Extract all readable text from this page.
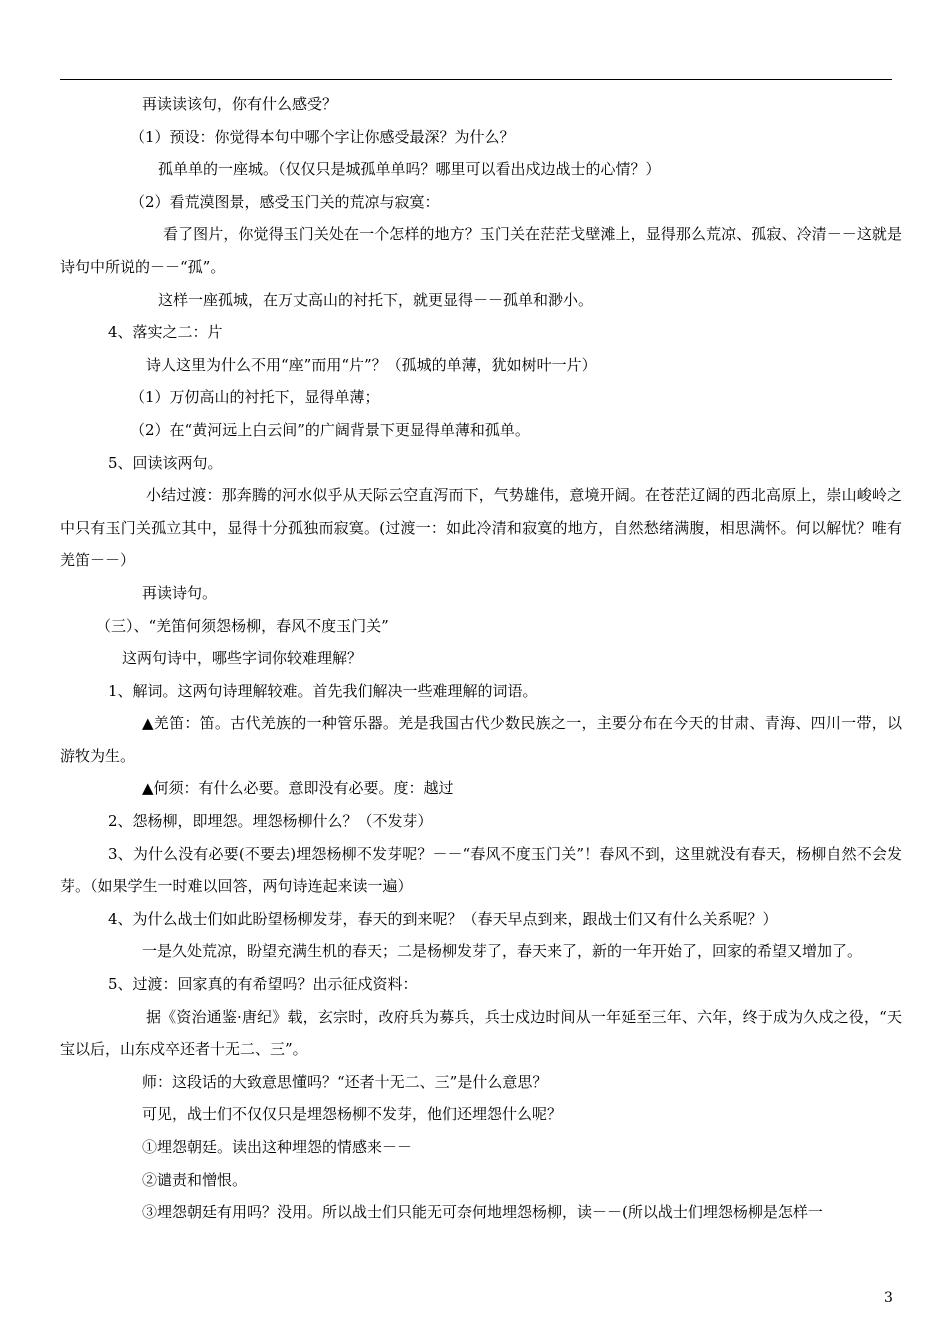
再读读该句，你有什么感受？

（1）预设：你觉得本句中哪个字让你感受最深？为什么？

孤单单的一座城。（仅仅只是城孤单单吗？哪里可以看出戍边战士的心情？）

（2）看荒漠图景，感受玉门关的荒凉与寂寞：

看了图片，你觉得玉门关处在一个怎样的地方？玉门关在茫茫戈壁滩上，显得那么荒凉、孤寂、冷清－－这就是诗句中所说的－－“孤”。

这样一座孤城，在万丈高山的衬托下，就更显得－－孤单和渺小。

4、落实之二：片

诗人这里为什么不用“座”而用“片”？（孤城的单薄，犹如树叶一片）

（1）万仞高山的衬托下，显得单薄；

（2）在“黄河远上白云间”的广阔背景下更显得单薄和孤单。

5、回读该两句。

小结过渡：那奔腾的河水似乎从天际云空直泻而下，气势雄伟，意境开阔。在苍茫辽阔的西北高原上，崇山峻岭之中只有玉门关孤立其中，显得十分孤独而寂寞。(过渡一：如此冷清和寂寞的地方，自然愁绪满腹，相思满怀。何以解忧？唯有羌笛－－）

再读诗句。

（三）、“羌笛何须怨杨柳，春风不度玉门关”

这两句诗中，哪些字词你较难理解？

1、解词。这两句诗理解较难。首先我们解决一些难理解的词语。

▲羌笛：笛。古代羌族的一种管乐器。羌是我国古代少数民族之一，主要分布在今天的甘肃、青海、四川一带，以游牧为生。

▲何须：有什么必要。意即没有必要。度：越过

2、怨杨柳，即埋怨。埋怨杨柳什么？（不发芽）

3、为什么没有必要(不要去)埋怨杨柳不发芽呢？－－“春风不度玉门关”！春风不到，这里就没有春天，杨柳自然不会发芽。（如果学生一时难以回答，两句诗连起来读一遍）

4、为什么战士们如此盼望杨柳发芽，春天的到来呢？（春天早点到来，跟战士们又有什么关系呢？）

一是久处荒凉，盼望充满生机的春天；二是杨柳发芽了，春天来了，新的一年开始了，回家的希望又增加了。

5、过渡：回家真的有希望吗？出示征戍资料：

据《资治通鉴·唐纪》载，玄宗时，改府兵为募兵，兵士戍边时间从一年延至三年、六年，终于成为久戍之役，“天宝以后，山东戍卒还者十无二、三”。

师：这段话的大致意思懂吗？“还者十无二、三”是什么意思？

可见，战士们不仅仅只是埋怨杨柳不发芽，他们还埋怨什么呢？

①埋怨朝廷。读出这种埋怨的情感来－－

②谴责和憎恨。

③埋怨朝廷有用吗？没用。所以战士们只能无可奈何地埋怨杨柳，读－－(所以战士们埋怨杨柳是怎样一

3
